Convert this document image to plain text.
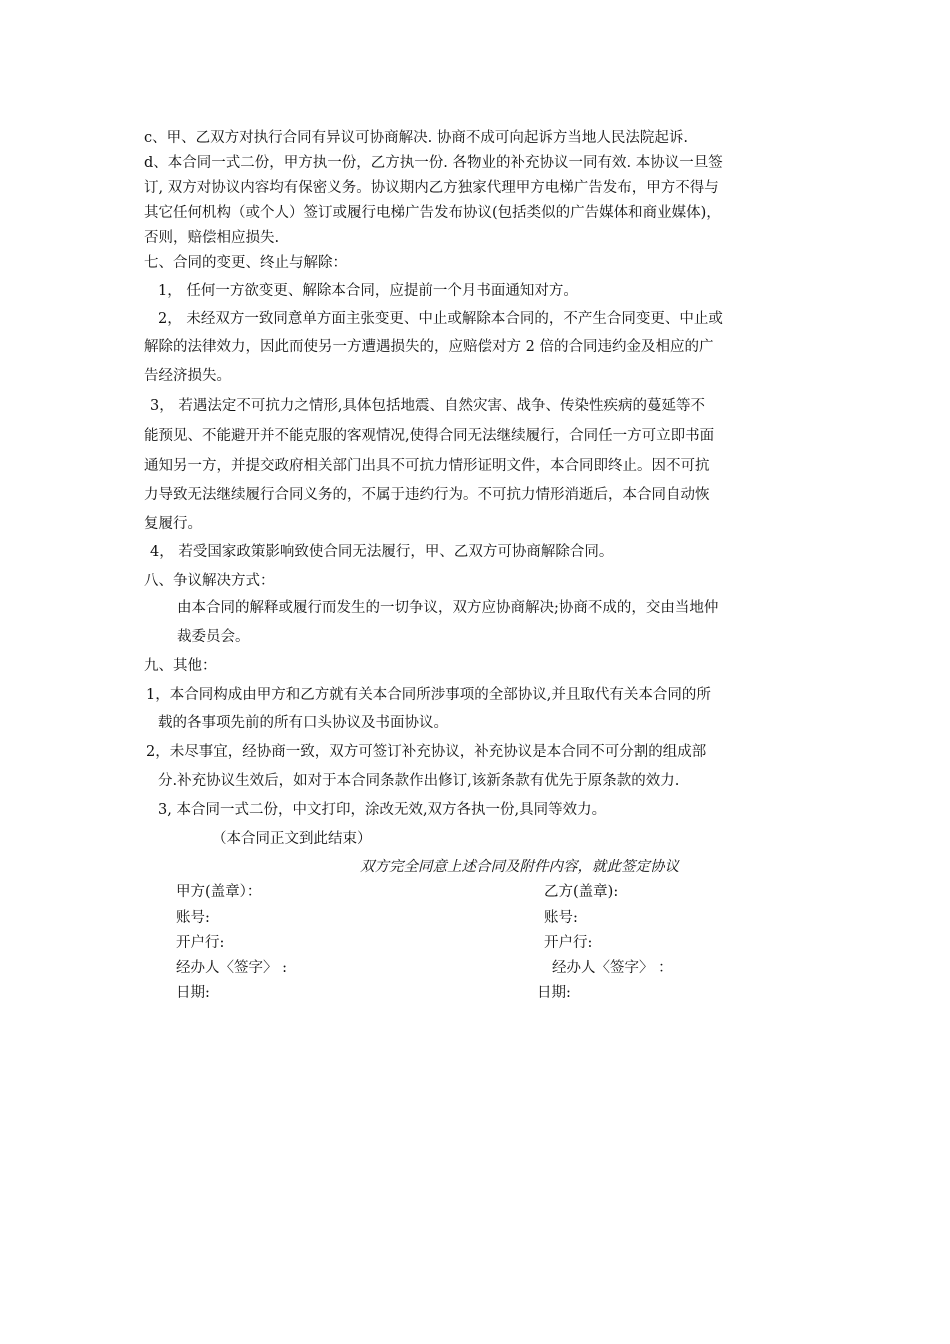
c、甲、乙双方对执行合同有异议可协商解决. 协商不成可向起诉方当地人民法院起诉.
d、本合同一式二份，甲方执一份，乙方执一份. 各物业的补充协议一同有效. 本协议一旦签
订, 双方对协议内容均有保密义务。协议期内乙方独家代理甲方电梯广告发布，甲方不得与
其它任何机构（或个人）签订或履行电梯广告发布协议(包括类似的广告媒体和商业媒体)，
否则，赔偿相应损失.
七、合同的变更、终止与解除：
1， 任何一方欲变更、解除本合同，应提前一个月书面通知对方。
2， 未经双方一致同意单方面主张变更、中止或解除本合同的，不产生合同变更、中止或
解除的法律效力，因此而使另一方遭遇损失的，应赔偿对方 2 倍的合同违约金及相应的广
告经济损失。
3， 若遇法定不可抗力之情形,具体包括地震、自然灾害、战争、传染性疾病的蔓延等不
能预见、不能避开并不能克服的客观情况,使得合同无法继续履行，合同任一方可立即书面
通知另一方，并提交政府相关部门出具不可抗力情形证明文件，本合同即终止。因不可抗
力导致无法继续履行合同义务的，不属于违约行为。不可抗力情形消逝后，本合同自动恢
复履行。
4， 若受国家政策影响致使合同无法履行，甲、乙双方可协商解除合同。
八、争议解决方式：
由本合同的解释或履行而发生的一切争议，双方应协商解决;协商不成的，交由当地仲
裁委员会。
九、其他：
1，本合同构成由甲方和乙方就有关本合同所涉事项的全部协议,并且取代有关本合同的所
载的各事项先前的所有口头协议及书面协议。
2，未尽事宜，经协商一致，双方可签订补充协议，补充协议是本合同不可分割的组成部
分.补充协议生效后，如对于本合同条款作出修订,该新条款有优先于原条款的效力.
3, 本合同一式二份，中文打印，涂改无效,双方各执一份,具同等效力。
（本合同正文到此结束）
双方完全同意上述合同及附件内容，就此签定协议
甲方(盖章）：
账号:
开户行:
经办人〈签字〉 :
日期:
乙方(盖章):
账号:
开户行:
经办人〈签字〉 ：
日期:
